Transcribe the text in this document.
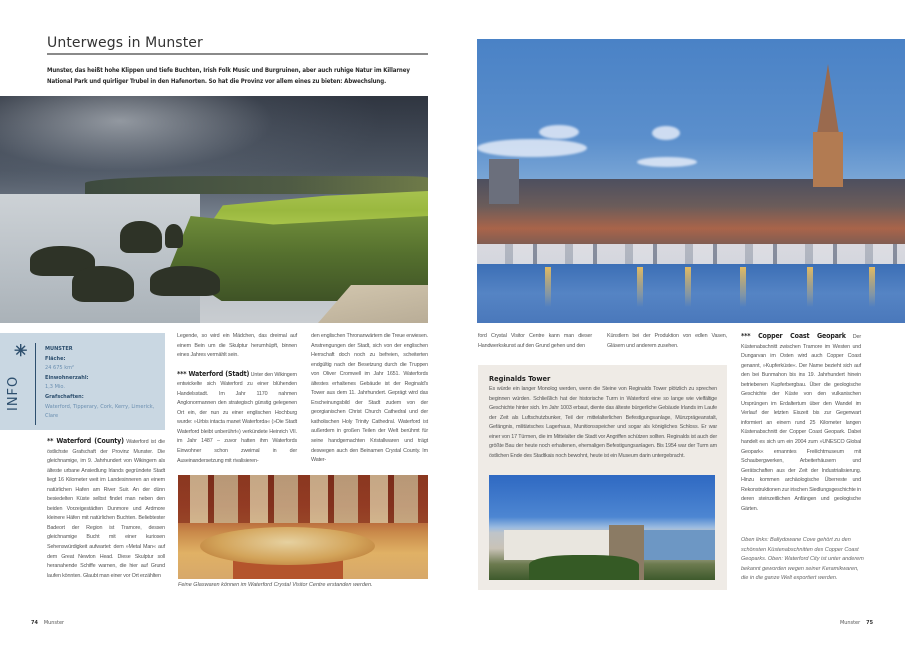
Unterwegs in Munster
Munster, das heißt hohe Klippen und tiefe Buchten, Irish Folk Music und Burgruinen, aber auch ruhige Natur im Killarney National Park und quirliger Trubel in den Hafenorten. So hat die Provinz vor allem eines zu bieten: Abwechslung.
✳
INFO
MUNSTER
Fläche:
24 675 km²
Einwohnerzahl:
1,3 Mio.
Grafschaften:
Waterford, Tipperary, Cork, Kerry, Limerick, Clare

** Waterford (County) Waterford ist die östlichste Grafschaft der Provinz Munster. Die gleichnamige, im 9. Jahrhundert von Wikingern als älteste urbane Ansiedlung Irlands gegründete Stadt liegt 16 Kilometer weit im Landesinneren an einem natürlichen Hafen am River Suir. An der dünn besiedelten Küste selbst findet man neben den beiden Vorzeigestädten Dunmore und Ardmore kleinere Häfen mit natürlichen Buchten. Beliebtester Badeort der Region ist Tramore, dessen gleichnamige Bucht mit einer kuriosen Sehenswürdigkeit aufwartet: dem »Metal Man« auf dem Great Newton Head. Diese Skulptur soll heranahende Schiffe warnen, die hier auf Grund laufen könnten. Glaubt man einer vor Ort erzählten

Legende, so wird ein Mädchen, das dreimal auf einem Bein um die Skulptur herumhüpft, binnen eines Jahres vermählt sein.

*** Waterford (Stadt) Unter den Wikingern entwickelte sich Waterford zu einer blühenden Handelsstadt. Im Jahr 1170 nahmen Anglonormannen den strategisch günstig gelegenen Ort ein, der nun zu einer englischen Hochburg wurde: »Urbis intacta manet Waterforda« (»Die Stadt Waterford bleibt unberührt«) verkündete Heinrich VII. im Jahr 1487 – zuvor hatten ihm Waterfords Einwohner schon zweimal in der Auseinandersetzung mit rivalisieren-

den englischen Thronanwärtern die Treue erwiesen. Anstrengungen der Stadt, sich von der englischen Herrschaft doch noch zu befreien, scheiterten endgültig nach der Besetzung durch die Truppen von Oliver Cromwell im Jahr 1651. Waterfords ältestes erhaltenes Gebäude ist der Reginald's Tower aus dem 11. Jahrhundert. Geprägt wird das Erscheinungsbild der Stadt zudem von der georgianischen Christ Church Cathedral und der katholischen Holy Trinity Cathedral. Waterford ist außerdem in großen Teilen der Welt berühmt für seine handgemachten Kristallwaren und trägt deswegen auch den Beinamen Crystal County. Im Water-

Feine Glaswaren können im Waterford Crystal Visitor Centre erstanden werden.

ford Crystal Visitor Centre kann man dieser Handwerkskunst auf den Grund gehen und den

Künstlern bei der Produktion von edlen Vasen, Gläsern und anderem zusehen.

Reginalds Tower
Es würde ein langer Monolog werden, wenn die Steine von Reginalds Tower plötzlich zu sprechen beginnen würden. Schließlich hat der historische Turm in Waterford eine so lange wie vielfältige Geschichte hinter sich. Im Jahr 1003 erbaut, diente das älteste bürgerliche Gebäude Irlands im Laufe der Zeit als Luftschutzbunker, Teil der mittelalterlichen Befestigungsanlage, Münzprägeanstalt, Gefängnis, militärisches Lagerhaus, Munitionsspeicher und sogar als königliches Schloss. Er war einer von 17 Türmen, die im Mittelalter die Stadt vor Angriffen schützen sollten. Reginalds ist auch der größte Bau der heute noch erhaltenen, ehemaligen Befestigungsanlagen. Bis 1954 war der Turm am östlichen Ende des Stadtkais noch bewohnt, heute ist ein Museum darin untergebracht.

*** Copper Coast Geopark Der Küstenabschnitt zwischen Tramore im Westen und Dungarvan im Osten wird auch Copper Coast genannt, »Kupferküste«. Der Name bezieht sich auf den bei Bunmahon bis ins 19. Jahrhundert hinein betriebenen Kupferbergbau. Über die geologische Geschichte der Küste von den vulkanischen Ursprüngen im Erdaltertum über den Wandel im Verlauf der letzten Eiszeit bis zur Gegenwart informiert an einem rund 25 Kilometer langen Küstenabschnitt der Copper Coast Geopark. Dabei handelt es sich um ein 2004 zum »UNESCO Global Geopark« ernanntes Freilichtmuseum mit Schaubergwerken, Arbeiterhäusern und Gerätschaften aus der Zeit der Industrialisierung. Hinzu kommen archäologische Überreste und Rekonstruktionen zur irischen Siedlungsgeschichte in deren steinzeitlichen Anfängen und geologische Gärten.

Oben links: Ballydowane Cove gehört zu den schönsten Küstenabschnitten des Copper Coast Geoparks. Oben: Waterford City ist unter anderem bekannt geworden wegen seiner Keramikwaren, die in die ganze Welt exportiert werden.
74 Munster	Munster 75
